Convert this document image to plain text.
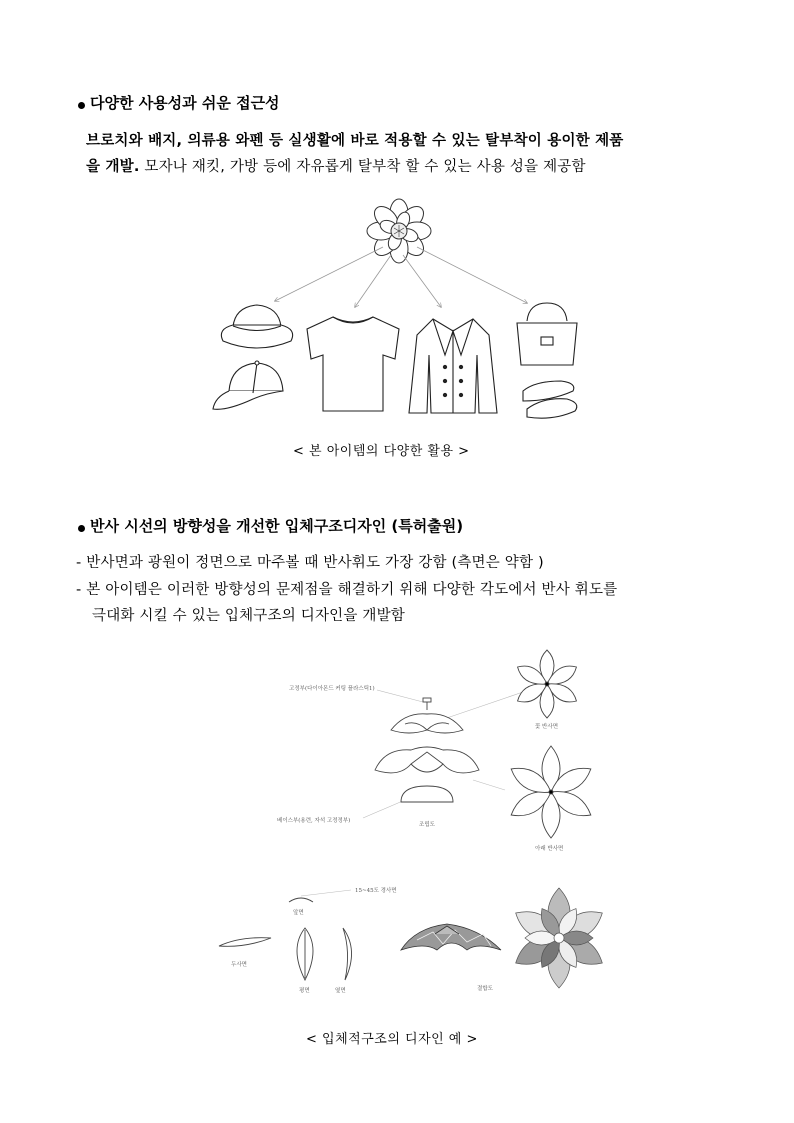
다양한 사용성과 쉬운 접근성
브로치와 배지, 의류용 와펜 등 실생활에 바로 적용할 수 있는 탈부착이 용이한 제품
을 개발. 모자나 재킷, 가방 등에 자유롭게 탈부착 할 수 있는 사용 성을 제공함
< 본 아이템의 다양한 활용 >
반사 시선의 방향성을 개선한 입체구조디자인 (특허출원)
- 반사면과 광원이 정면으로 마주볼 때 반사휘도 가장 강함 (측면은 약함 )
- 본 아이템은 이러한 방향성의 문제점을 해결하기 위해 다양한 각도에서 반사 휘도를
극대화 시킬 수 있는 입체구조의 디자인을 개발함
고정부(다이아몬드 커팅 플라스틱1)
꽃 반사면
베이스부(용련, 자석 고정정부)
조립도
아래 반사면
15~45도 경사면
앞면
두사면
평면	옆면	결합도
< 입체적구조의 디자인 예 >
